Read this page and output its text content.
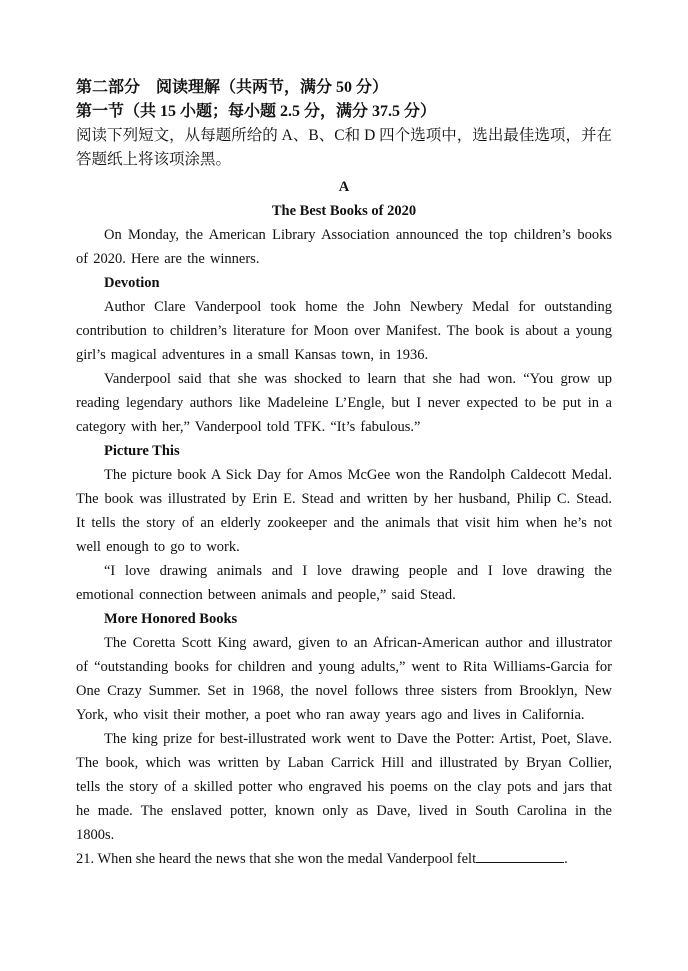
第二部分　阅读理解（共两节，满分 50 分）

第一节（共 15 小题；每小题 2.5 分，满分 37.5 分）

阅读下列短文，从每题所给的 A、B、C和 D 四个选项中，选出最佳选项，并在答题纸上将该项涂黑。

A

The Best Books of 2020

On Monday, the American Library Association announced the top children’s books of 2020. Here are the winners.

Devotion

Author Clare Vanderpool took home the John Newbery Medal for outstanding contribution to children’s literature for Moon over Manifest. The book is about a young girl’s magical adventures in a small Kansas town, in 1936.

Vanderpool said that she was shocked to learn that she had won. “You grow up reading legendary authors like Madeleine L’Engle, but I never expected to be put in a category with her,” Vanderpool told TFK. “It’s fabulous.”

Picture This

The picture book A Sick Day for Amos McGee won the Randolph Caldecott Medal. The book was illustrated by Erin E. Stead and written by her husband, Philip C. Stead. It tells the story of an elderly zookeeper and the animals that visit him when he’s not well enough to go to work.

“I love drawing animals and I love drawing people and I love drawing the emotional connection between animals and people,” said Stead.

More Honored Books

The Coretta Scott King award, given to an African-American author and illustrator of “outstanding books for children and young adults,” went to Rita Williams-Garcia for One Crazy Summer. Set in 1968, the novel follows three sisters from Brooklyn, New York, who visit their mother, a poet who ran away years ago and lives in California.

The king prize for best-illustrated work went to Dave the Potter: Artist, Poet, Slave. The book, which was written by Laban Carrick Hill and illustrated by Bryan Collier, tells the story of a skilled potter who engraved his poems on the clay pots and jars that he made. The enslaved potter, known only as Dave, lived in South Carolina in the 1800s.

21. When she heard the news that she won the medal Vanderpool felt	.
